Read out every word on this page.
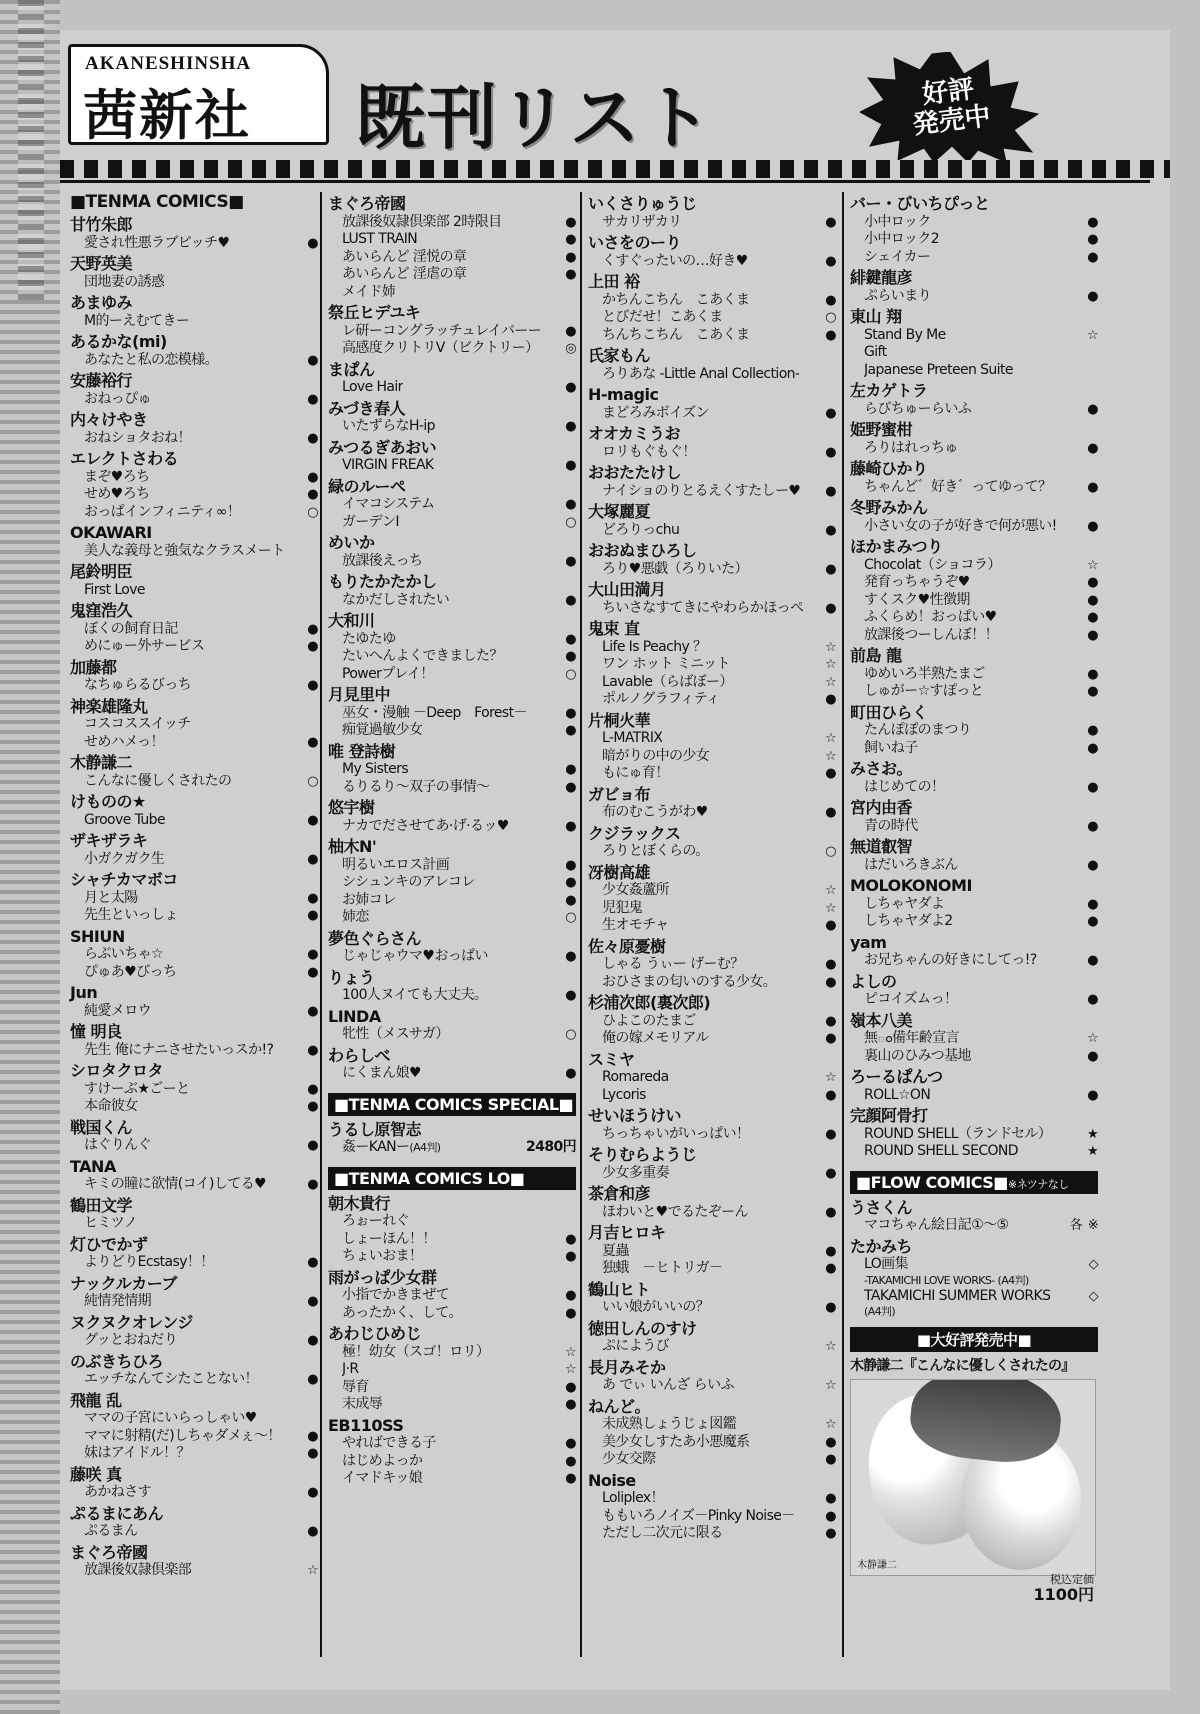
AKANESHINSHA
茜新社 既刊リスト	好評
発売中
■TENMA COMICS■
甘竹朱郎
愛され性悪ラブピッチ♥
●
天野英美
団地妻の誘惑
あまゆみ
M的ーえむてきー
あるかな(mi)
あなたと私の恋模様。
●
安藤裕行
おねっぴゅ
●
内々けやき
おねショタおね！
●
エレクトさわる
まぞ♥ろち
●
せめ♥ろち
●
おっぱインフィニティ∞！
○
OKAWARI
美人な義母と強気なクラスメート
尾鈴明臣
First Love
鬼窪浩久
ぼくの飼育日記
●
めにゅー外サービス
●
加藤都
なちゅらるびっち
●
神楽雄隆丸
コスコススイッチ
せめハメっ！
●
木静謙二
こんなに優しくされたの
○
けものの★
Groove Tube
●
ザキザラキ
小ガクガク生
●
シャチカマボコ
月と太陽
●
先生といっしょ
●
SHIUN
らぶいちゃ☆
●
ぴゅあ♥びっち
●
Jun
純愛メロウ
●
憧 明良
先生 俺にナニさせたいっスか!?
●
シロタクロタ
すけーぶ★ごーと
●
本命彼女
●
戦国くん
はぐりんぐ
●
TANA
キミの瞳に欲情(コイ)してる♥
●
鶴田文学
ヒミツノ
灯ひでかず
よりどりEcstasy！！
●
ナックルカーブ
純情発情期
●
ヌクヌクオレンジ
グッとおねだり
●
のぶきちひろ
エッチなんてシたことない！
●
飛龍 乱
ママの子宮にいらっしゃい♥
ママに射精(だ)しちゃダメぇ～！
●
妹はアイドル！？
●
藤咲 真
あかねさす
●
ぷるまにあん
ぷるまん
●
まぐろ帝國
放課後奴隷倶楽部
☆
まぐろ帝國
放課後奴隷倶楽部 2時限目
●
LUST TRAIN
●
あいらんど 淫悦の章
●
あいらんど 淫虐の章
●
メイド姉
祭丘ヒデユキ
レ研ーコングラッチュレイバーー
●
高感度クリトリV（ビクトリー）
◎
まぱん
Love Hair
●
みづき春人
いたずらなH-ip
●
みつるぎあおい
VIRGIN FREAK
●
緑のルーペ
イマコシステム
●
ガーデンⅠ
○
めいか
放課後えっち
●
もりたかたかし
なかだしされたい
●
大和川
たゆたゆ
●
たいへんよくできました？
●
Powerプレイ！
○
月見里中
巫女・漫触 －Deep　Forest－
●
痴覚過敏少女
●
唯 登詩樹
My Sisters
●
るりるり～双子の事情～
●
悠宇樹
ナカでださせてあ·げ·るッ♥
●
柚木N'
明るいエロス計画
●
シシュンキのアレコレ
●
お姉コレ
●
姉恋
○
夢色ぐらさん
じゃじゃウマ♥おっぱい
●
りょう
100人ヌイても大丈夫。
●
LINDA
牝性（メスサガ）
○
わらしべ
にくまん娘♥
●
■TENMA COMICS SPECIAL■
うるし原智志
姦ーKANー (A4判)	2480円
■TENMA COMICS LO■
朝木貴行
ろぉーれぐ
しょーほん！！
●
ちょいおま！
●
雨がっぱ少女群
小指でかきまぜて
●
あったかく、して。
●
あわじひめじ
極！幼女（スゴ！ロリ）
☆
J·R
☆
辱育
●
末成辱
●
EB110SS
やればできる子
●
はじめよっか
●
イマドキッ娘
●
いくさりゅうじ
サカリザカリ
●
いさをのーり
くすぐったいの…好き♥
●
上田 裕
かちんこちん　こあくま
●
とびだせ！こあくま
○
ちんちこちん　こあくま
●
氏家もん
ろりあな -Little Anal Collection-
H-magic
まどろみボイズン
●
オオカミうお
ロリもぐもぐ！
●
おおたたけし
ナイショのりとるえくすたしー♥
●
大塚麗夏
どろりっchu
●
おおぬまひろし
ろり♥悪戯（ろりいた）
●
大山田満月
ちいさなすてきにやわらかほっぺ
●
鬼束 直
Life Is Peachy ？
☆
ワン ホット ミニット
☆
Lavable（らばぼー）
☆
ポルノグラフィティ
●
片桐火華
L-MATRIX
☆
暗がりの中の少女
☆
もにゅ育！
●
ガビョ布
布のむこうがわ♥
●
クジラックス
ろりとぼくらの。
○
冴樹高雄
少女姦蘆所
☆
児犯鬼
☆
生オモチャ
●
佐々原憂樹
しゃる うぃー げーむ？
●
おひさまの匂いのする少女。
●
杉浦次郎(裏次郎)
ひよこのたまご
●
俺の嫁メモリアル
●
スミヤ
Romareda
☆
Lycoris
●
せいほうけい
ちっちゃいがいっぱい！
●
そりむらようじ
少女多重奏
●
茶倉和彦
ほわいと♥でるたぞーん
●
月吉ヒロキ
夏蟲
●
独蛾　－ヒトリガ－
●
鶴山ヒト
いい娘がいいの？
●
徳田しんのすけ
ぷにようび
☆
長月みそか
あ でぃ いんざ らいふ
☆
ねんど。
未成熟しょうじょ図鑑
☆
美少女しすたあ小悪魔系
●
少女交際
●
Noise
Loliplex！
●
ももいろノイズ－Pinky Noise－
●
ただし二次元に限る
●
バー・びいちぴっと
小中ロック
●
小中ロック2
●
シェイカー
●
緋鍵龍彦
ぷらいまり
●
東山 翔
Stand By Me
☆
Gift
Japanese Preteen Suite
左カゲトラ
らびちゅーらいふ
●
姫野蜜柑
ろりはれっちゅ
●
藤崎ひかり
ちゃんど゛好き゛ってゆって？
●
冬野みかん
小さい女の子が好きで何が悪い!
●
ほかまみつり
Chocolat（ショコラ）
☆
発育っちゃうぞ♥
●
すくスク♥性徴期
●
ふくらめ！おっぱい♥
●
放課後つーしんぼ！！
●
前島 龍
ゆめいろ半熟たまご
●
しゅがー☆すぽっと
●
町田ひらく
たんぽぽのまつり
●
飼いね子
●
みさお。
はじめての！
●
宮内由香
青の時代
●
無道叡智
はだいろきぶん
●
MOLOKONOMI
しちゃヤダよ
●
しちゃヤダよ2
●
yam
お兄ちゃんの好きにしてっ!?
●
よしの
ピコイズムっ！
●
嶺本八美
無ం備年齢宣言
☆
裏山のひみつ基地
●
ろーるぱんつ
ROLL☆ON
●
完顔阿骨打
ROUND SHELL（ランドセル）
★
ROUND SHELL SECOND
★
■FLOW COMICS■※ネツナなし
うさくん
マコちゃん絵日記①～⑤
各
※
たかみち
LO画集
◇
-TAKAMICHI LOVE WORKS- (A4判)
TAKAMICHI SUMMER WORKS
◇
(A4判)
■大好評発売中■
木静謙二『こんなに優しくされたの』
木静謙二
税込定価
1100円
